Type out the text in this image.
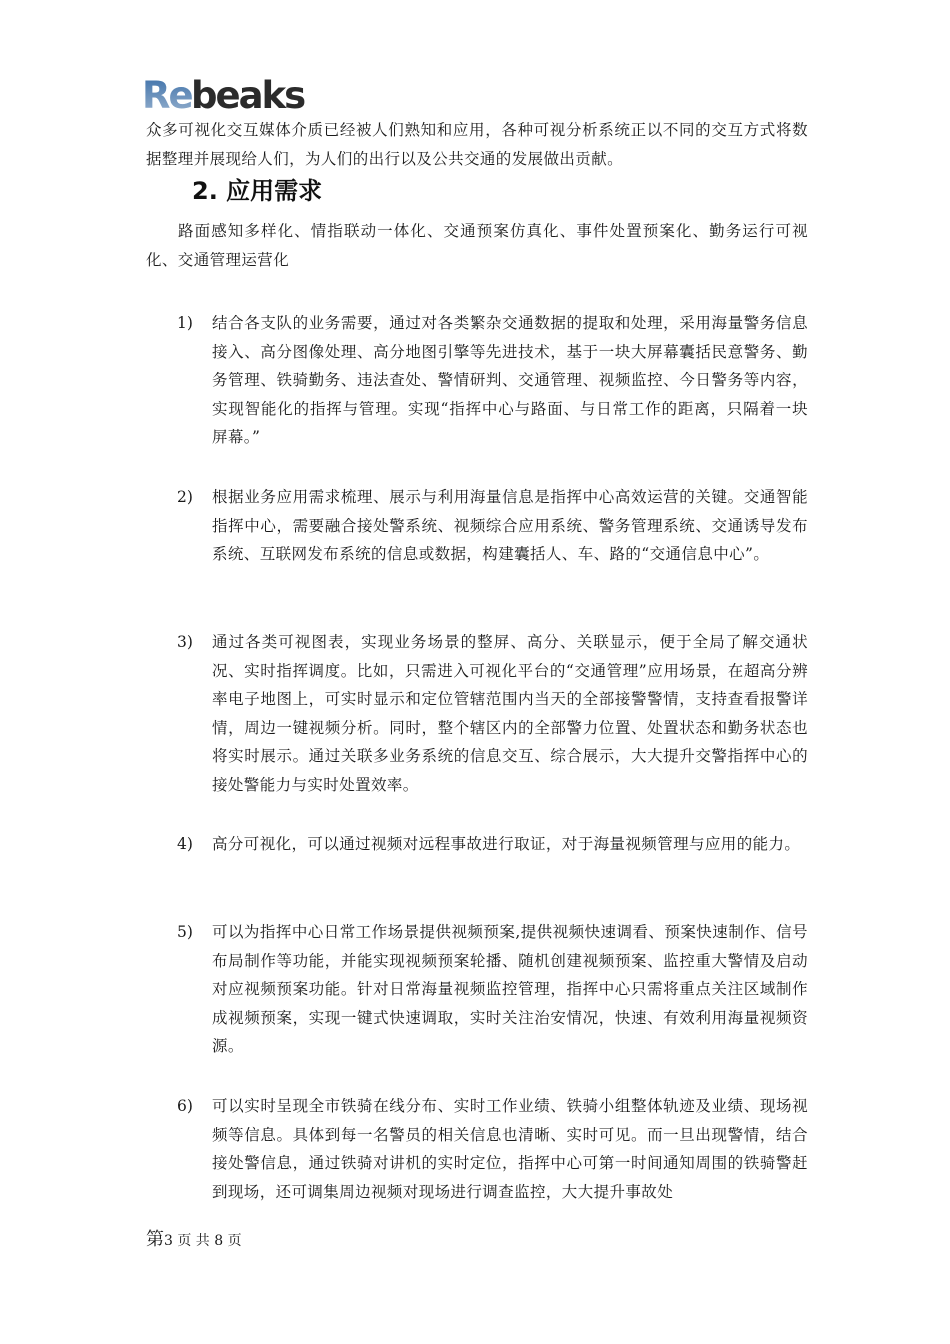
Re beaks

众多可视化交互媒体介质已经被人们熟知和应用，各种可视分析系统正以不同的交互方式将数据整理并展现给人们，为人们的出行以及公共交通的发展做出贡献。

2. 应用需求

路面感知多样化、情指联动一体化、交通预案仿真化、事件处置预案化、勤务运行可视化、交通管理运营化

1) 结合各支队的业务需要，通过对各类繁杂交通数据的提取和处理，采用海量警务信息接入、高分图像处理、高分地图引擎等先进技术，基于一块大屏幕囊括民意警务、勤务管理、铁骑勤务、违法查处、警情研判、交通管理、视频监控、今日警务等内容，实现智能化的指挥与管理。实现“指挥中心与路面、与日常工作的距离，只隔着一块屏幕。”
2) 根据业务应用需求梳理、展示与利用海量信息是指挥中心高效运营的关键。交通智能指挥中心，需要融合接处警系统、视频综合应用系统、警务管理系统、交通诱导发布系统、互联网发布系统的信息或数据，构建囊括人、车、路的“交通信息中心”。
3) 通过各类可视图表，实现业务场景的整屏、高分、关联显示，便于全局了解交通状况、实时指挥调度。比如，只需进入可视化平台的“交通管理”应用场景，在超高分辨率电子地图上，可实时显示和定位管辖范围内当天的全部接警警情，支持查看报警详情，周边一键视频分析。同时，整个辖区内的全部警力位置、处置状态和勤务状态也将实时展示。通过关联多业务系统的信息交互、综合展示，大大提升交警指挥中心的接处警能力与实时处置效率。
4) 高分可视化，可以通过视频对远程事故进行取证，对于海量视频管理与应用的能力。
5) 可以为指挥中心日常工作场景提供视频预案,提供视频快速调看、预案快速制作、信号布局制作等功能，并能实现视频预案轮播、随机创建视频预案、监控重大警情及启动对应视频预案功能。针对日常海量视频监控管理，指挥中心只需将重点关注区域制作成视频预案，实现一键式快速调取，实时关注治安情况，快速、有效利用海量视频资源。
6) 可以实时呈现全市铁骑在线分布、实时工作业绩、铁骑小组整体轨迹及业绩、现场视频等信息。具体到每一名警员的相关信息也清晰、实时可见。而一旦出现警情，结合接处警信息，通过铁骑对讲机的实时定位，指挥中心可第一时间通知周围的铁骑警赶到现场，还可调集周边视频对现场进行调查监控，大大提升事故处
第3 页 共 8 页
